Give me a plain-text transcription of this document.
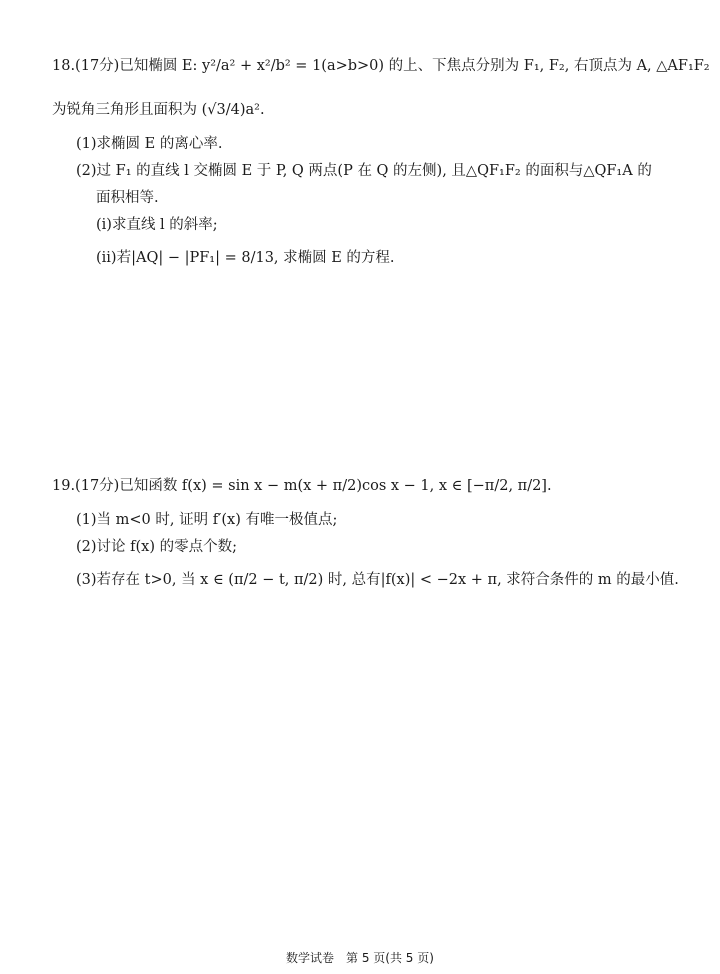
18.(17分)已知椭圆 E: y²/a² + x²/b² = 1(a>b>0) 的上、下焦点分别为 F₁, F₂, 右顶点为 A, △AF₁F₂
为锐角三角形且面积为 (√3/4)a².
(1)求椭圆 E 的离心率.
(2)过 F₁ 的直线 l 交椭圆 E 于 P, Q 两点(P 在 Q 的左侧), 且△QF₁F₂ 的面积与△QF₁A 的
面积相等.
(ⅰ)求直线 l 的斜率;
(ⅱ)若|AQ| − |PF₁| = 8/13, 求椭圆 E 的方程.
19.(17分)已知函数 f(x) = sin x − m(x + π/2)cos x − 1, x ∈ [−π/2, π/2].
(1)当 m<0 时, 证明 f′(x) 有唯一极值点;
(2)讨论 f(x) 的零点个数;
(3)若存在 t>0, 当 x ∈ (π/2 − t, π/2) 时, 总有|f(x)| < −2x + π, 求符合条件的 m 的最小值.
数学试卷　第 5 页(共 5 页)
